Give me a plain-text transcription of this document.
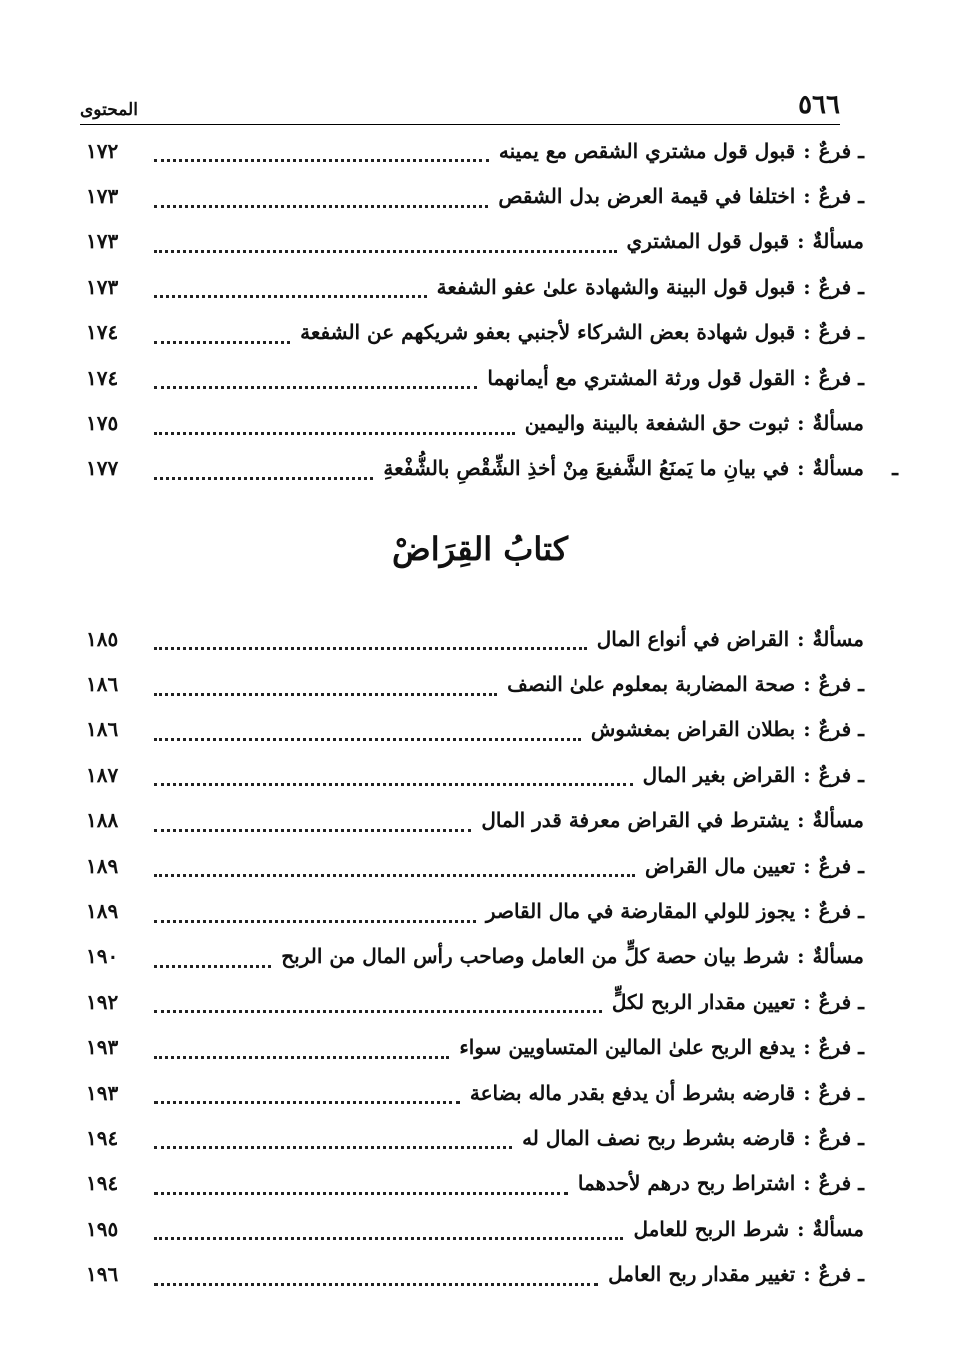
٥٦٦
المحتوى
ـ فرعٌ
:
قبول قول مشتري الشقص مع يمينه
١٧٢
ـ فرعٌ
:
اختلفا في قيمة العرض بدل الشقص
١٧٣
مسألةٌ
:
قبول قول المشتري
١٧٣
ـ فرعٌ
:
قبول قول البينة والشهادة علىٰ عفو الشفعة
١٧٣
ـ فرعٌ
:
قبول شهادة بعض الشركاء لأجنبي بعفو شريكهم عن الشفعة
١٧٤
ـ فرعٌ
:
القول قول ورثة المشتري مع أيمانهما
١٧٤
مسألةٌ
:
ثبوت حق الشفعة بالبينة واليمين
١٧٥
مسألةٌ
:
في بيانِ ما يَمنَعُ الشَّفيعَ مِنْ أخذِ الشِّقْصِ بالشُّفْعةِ
١٧٧	ـ
كتابُ القِرَاضْ
مسألةٌ
:
القراض في أنواع المال
١٨٥
ـ فرعٌ
:
صحة المضاربة بمعلوم علىٰ النصف
١٨٦
ـ فرعٌ
:
بطلان القراض بمغشوش
١٨٦
ـ فرعٌ
:
القراض بغير المال
١٨٧
مسألةٌ
:
يشترط في القراض معرفة قدر المال
١٨٨
ـ فرعٌ
:
تعيين مال القراض
١٨٩
ـ فرعٌ
:
يجوز للولي المقارضة في مال القاصر
١٨٩
مسألةٌ
:
شرط بيان حصة كلٍّ من العامل وصاحب رأس المال من الربح
١٩٠
ـ فرعٌ
:
تعيين مقدار الربح لكلٍّ
١٩٢
ـ فرعٌ
:
يدفع الربح علىٰ المالين المتساويين سواء
١٩٣
ـ فرعٌ
:
قارضه بشرط أن يدفع بقدر ماله بضاعة
١٩٣
ـ فرعٌ
:
قارضه بشرط ربح نصف المال له
١٩٤
ـ فرعٌ
:
اشتراط ربح درهم لأحدهما
١٩٤
مسألةٌ
:
شرط الربح للعامل
١٩٥
ـ فرعٌ
:
تغيير مقدار ربح العامل
١٩٦
